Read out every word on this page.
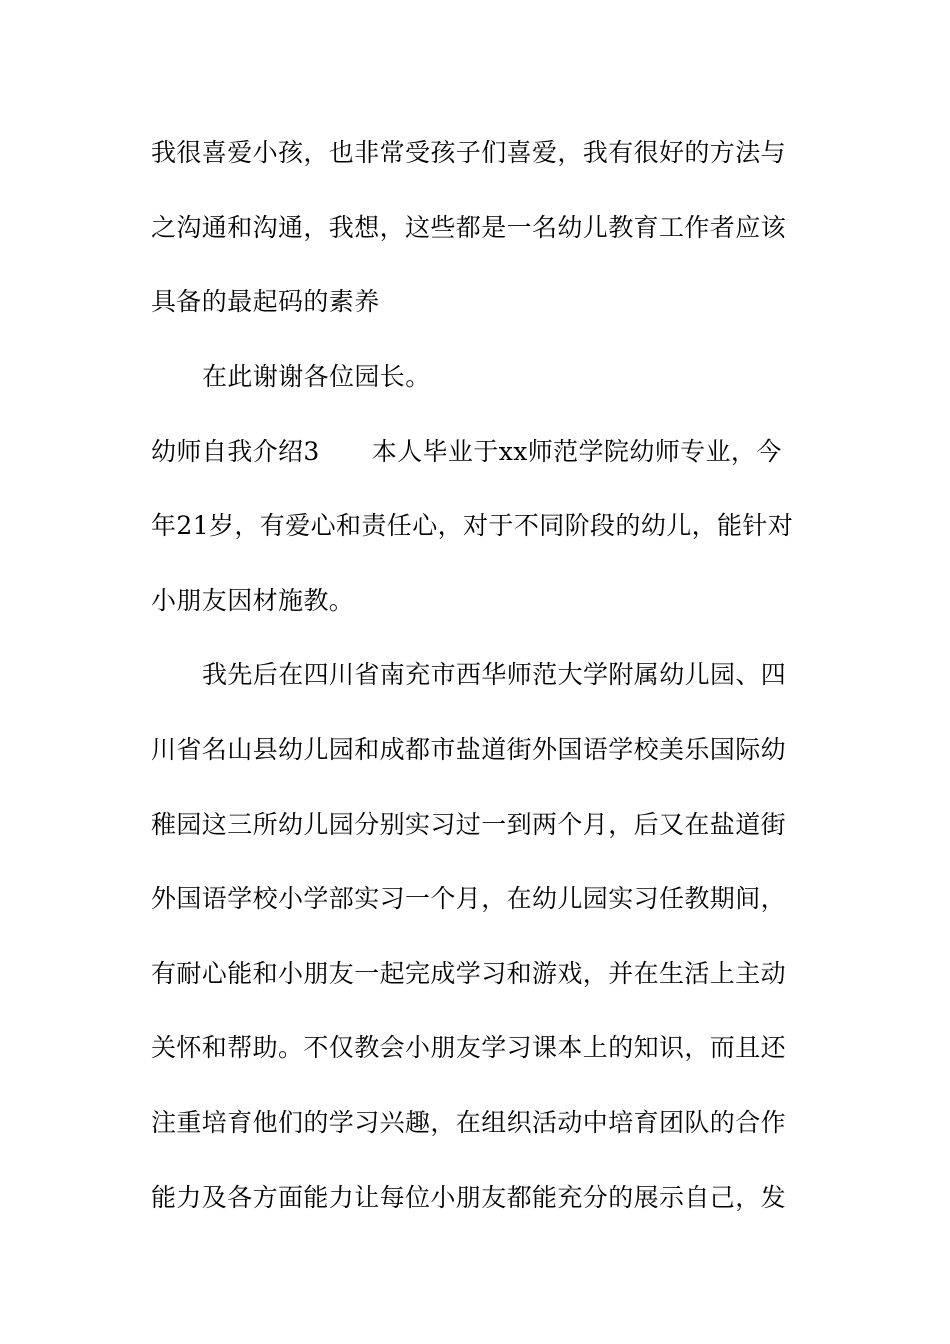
我很喜爱小孩，也非常受孩子们喜爱，我有很好的方法与
之沟通和沟通，我想，这些都是一名幼儿教育工作者应该
具备的最起码的素养
在此谢谢各位园长。
幼师自我介绍3 本人毕业于xx师范学院幼师专业，今
年21岁，有爱心和责任心，对于不同阶段的幼儿，能针对
小朋友因材施教。
我先后在四川省南充市西华师范大学附属幼儿园、四
川省名山县幼儿园和成都市盐道街外国语学校美乐国际幼
稚园这三所幼儿园分别实习过一到两个月，后又在盐道街
外国语学校小学部实习一个月，在幼儿园实习任教期间，
有耐心能和小朋友一起完成学习和游戏，并在生活上主动
关怀和帮助。不仅教会小朋友学习课本上的知识，而且还
注重培育他们的学习兴趣，在组织活动中培育团队的合作
能力及各方面能力让每位小朋友都能充分的展示自己，发
